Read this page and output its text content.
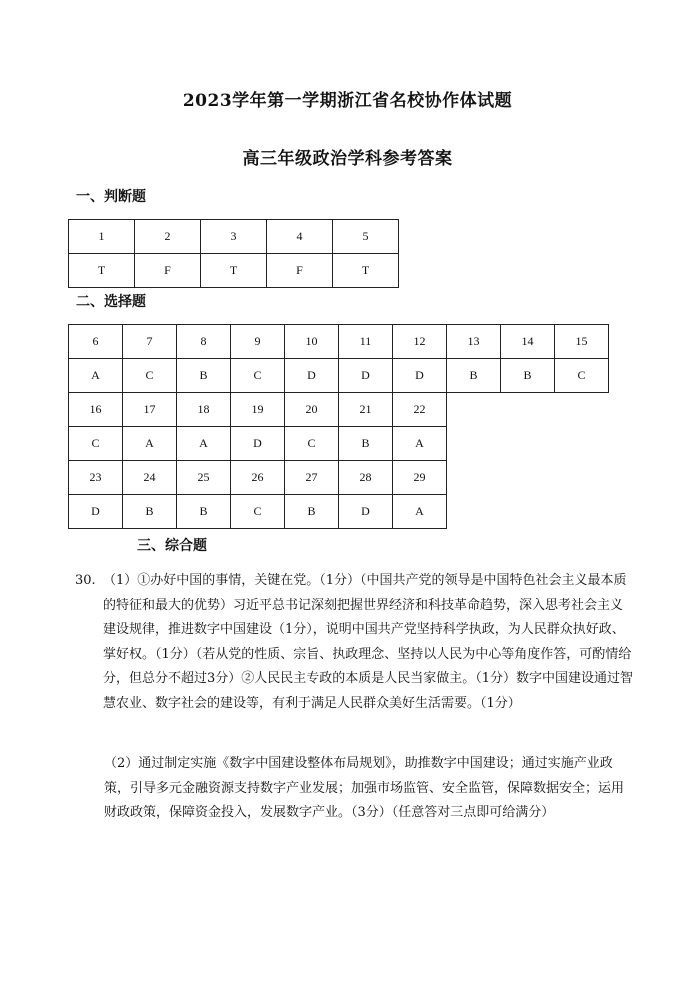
2023学年第一学期浙江省名校协作体试题
高三年级政治学科参考答案
一、判断题
1	2	3	4	5
T	F	T	F	T
二、选择题
6	7	8	9	10	11	12	13	14	15
A	C	B	C	D	D	D	B	B	C
16	17	18	19	20	21	22			
C	A	A	D	C	B	A			
23	24	25	26	27	28	29			
D	B	B	C	B	D	A			
三、综合题
30. （1）①办好中国的事情，关键在党。（1分）（中国共产党的领导是中国特色社会主义最本质的特征和最大的优势）习近平总书记深刻把握世界经济和科技革命趋势，深入思考社会主义建设规律，推进数字中国建设（1分），说明中国共产党坚持科学执政，为人民群众执好政、掌好权。（1分）（若从党的性质、宗旨、执政理念、坚持以人民为中心等角度作答，可酌情给分，但总分不超过3分）②人民民主专政的本质是人民当家做主。（1分）数字中国建设通过智慧农业、数字社会的建设等，有利于满足人民群众美好生活需要。（1分）
（2）通过制定实施《数字中国建设整体布局规划》，助推数字中国建设；通过实施产业政策，引导多元金融资源支持数字产业发展；加强市场监管、安全监管，保障数据安全；运用财政政策，保障资金投入，发展数字产业。（3分）（任意答对三点即可给满分）
